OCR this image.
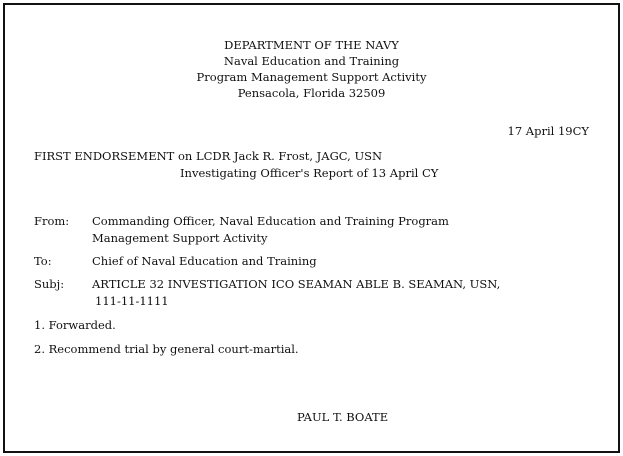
DEPARTMENT OF THE NAVY
Naval Education and Training
Program Management Support Activity
Pensacola, Florida 32509
17 April 19CY
FIRST ENDORSEMENT on LCDR Jack R. Frost, JAGC, USN
Investigating Officer's Report of 13 April CY
From: Commanding Officer, Naval Education and Training Program
Management Support Activity
To:	Chief of Naval Education and Training
Subj: ARTICLE 32 INVESTIGATION ICO SEAMAN ABLE B. SEAMAN, USN,
111-11-1111
1. Forwarded.
2. Recommend trial by general court-martial.
PAUL T. BOATE
